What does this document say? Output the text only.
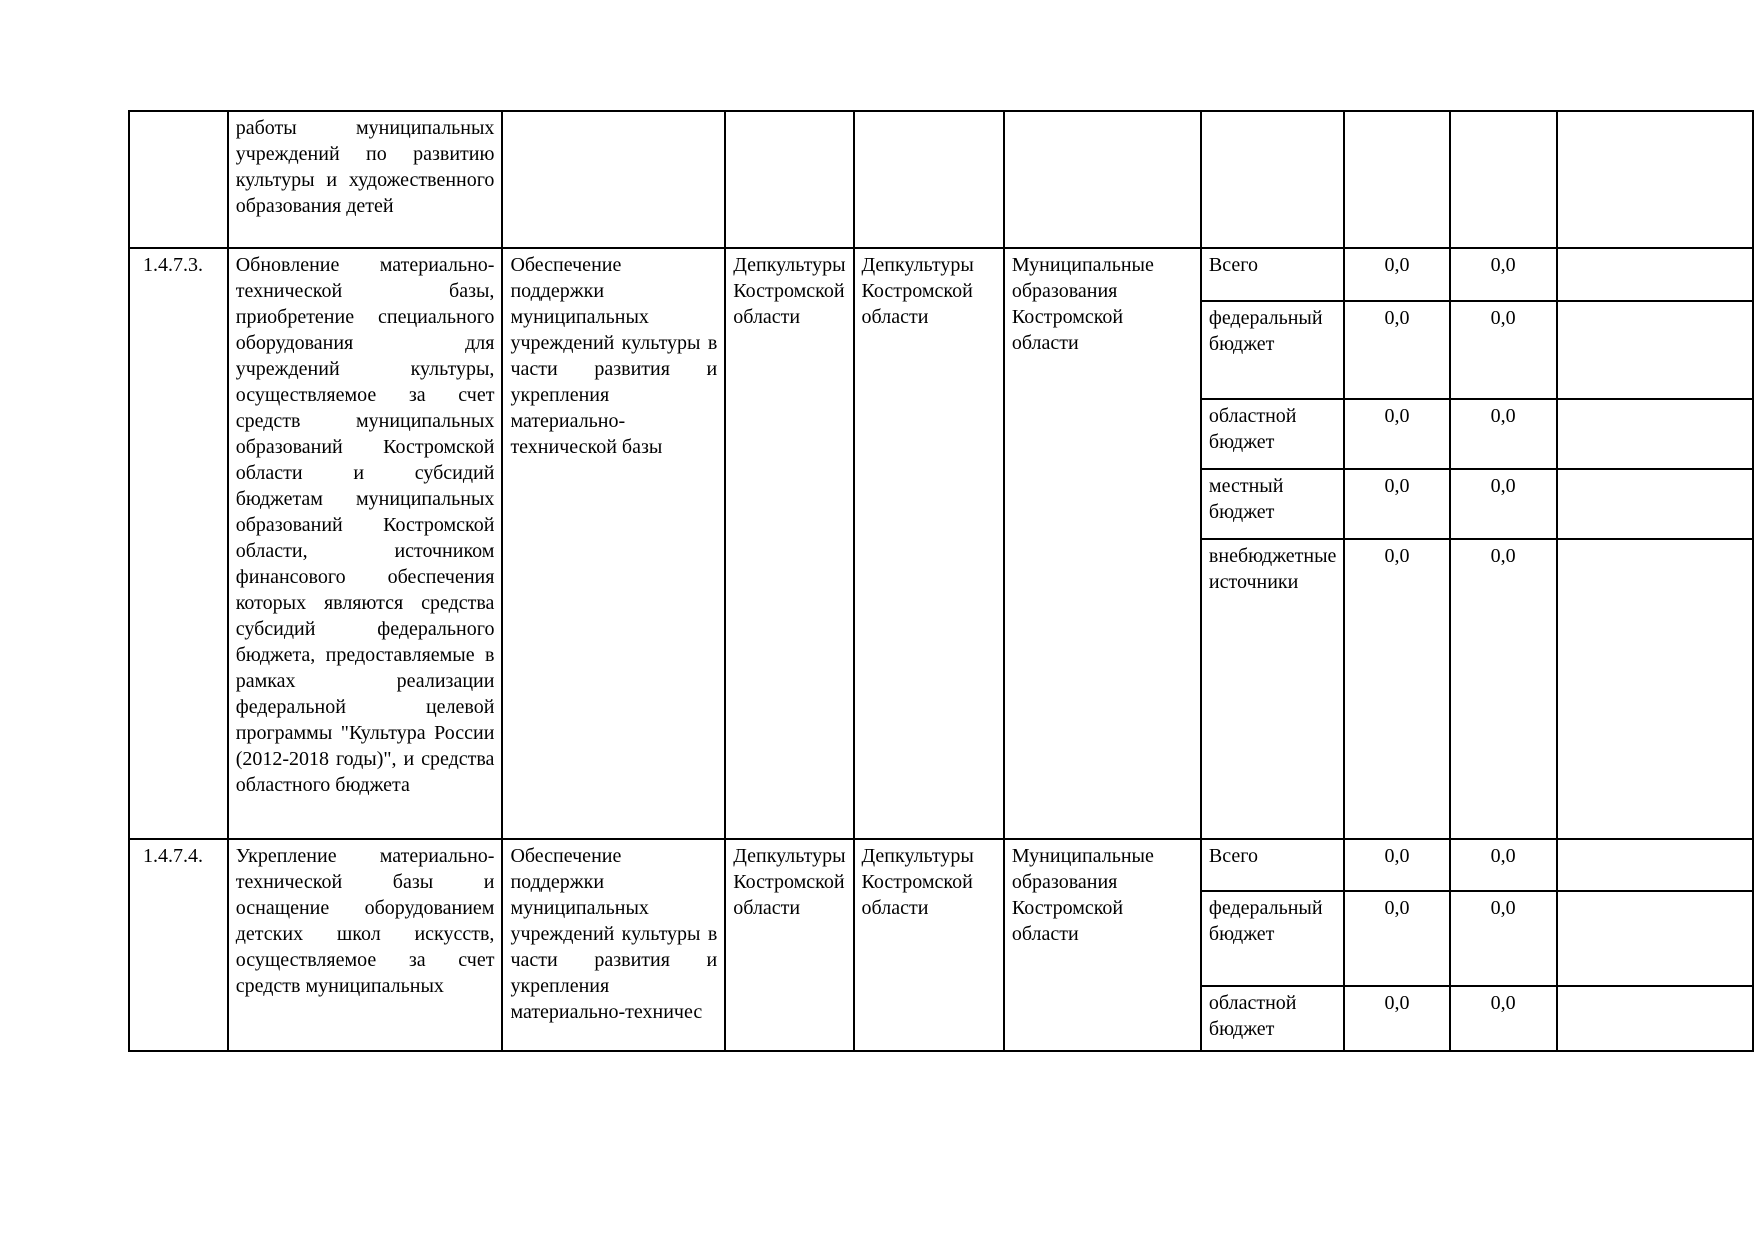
	работы муниципальных учреждений по развитию культуры и художественного образования детей								
1.4.7.3.	Обновление материально-технической базы, приобретение специального оборудования для учреждений культуры, осуществляемое за счет средств муниципальных образований Костромской области и субсидий бюджетам муниципальных образований Костромской области, источником финансового обеспечения которых являются средства субсидий федерального бюджета, предоставляемые в рамках реализации федеральной целевой программы "Культура России (2012-2018 годы)", и средства областного бюджета	Обеспечение поддержки муниципальных учреждений культуры в части развития и укрепления материально-технической базы	Депкультуры Костромской области	Депкультуры Костромской области	Муниципальные образования Костромской области	Всего	0,0	0,0	
						федеральный бюджет	0,0	0,0	
						областной бюджет	0,0	0,0	
						местный бюджет	0,0	0,0	
						внебюджетные источники	0,0	0,0	
1.4.7.4.	Укрепление материально-технической базы и оснащение оборудованием детских школ искусств, осуществляемое за счет средств муниципальных	Обеспечение поддержки муниципальных учреждений культуры в части развития и укрепления материально-техничес	Депкультуры Костромской области	Депкультуры Костромской области	Муниципальные образования Костромской области	Всего	0,0	0,0	
						федеральный бюджет	0,0	0,0	
						областной бюджет	0,0	0,0	
